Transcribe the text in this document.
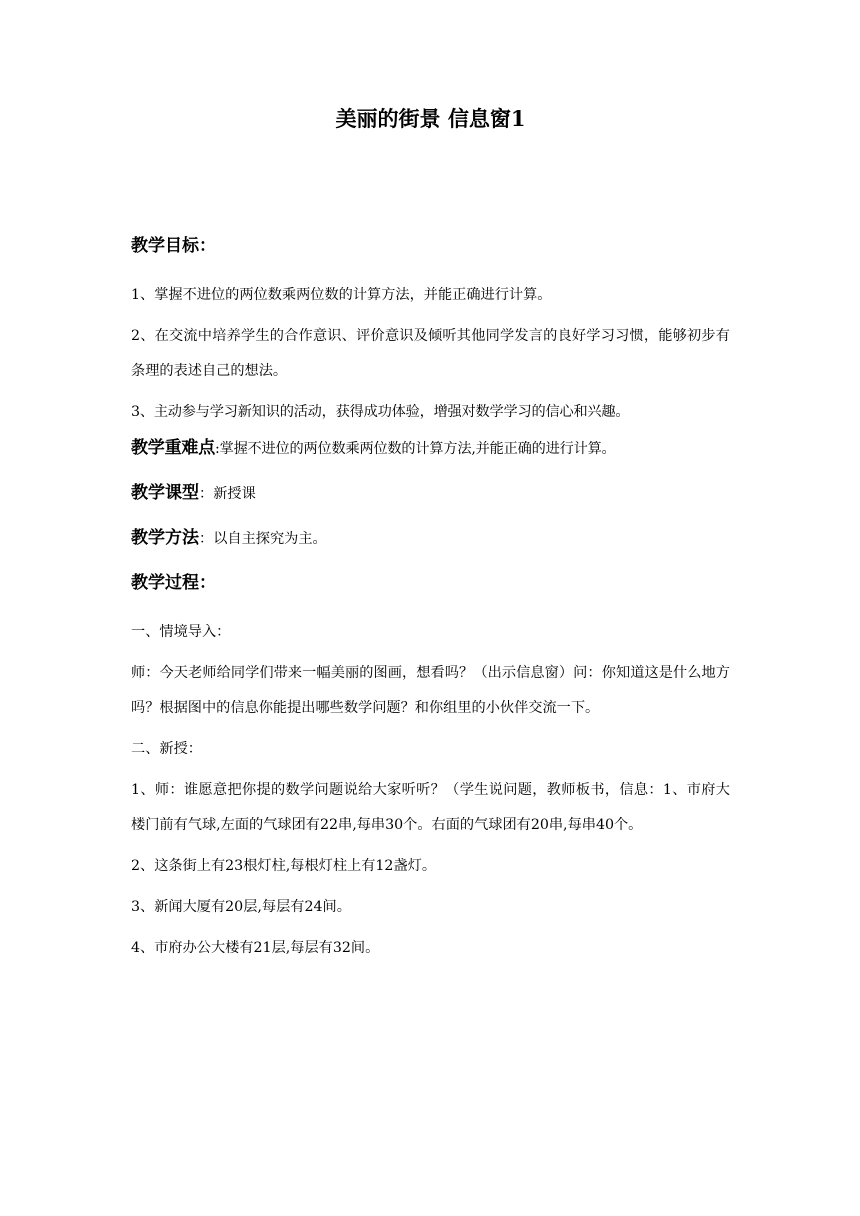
美丽的街景 信息窗1
教学目标：

1、掌握不进位的两位数乘两位数的计算方法，并能正确进行计算。

2、在交流中培养学生的合作意识、评价意识及倾听其他同学发言的良好学习习惯，能够初步有条理的表述自己的想法。

3、主动参与学习新知识的活动，获得成功体验，增强对数学学习的信心和兴趣。

教学重难点:掌握不进位的两位数乘两位数的计算方法,并能正确的进行计算。

教学课型：新授课

教学方法：以自主探究为主。

教学过程：

一、情境导入：

师：今天老师给同学们带来一幅美丽的图画，想看吗？（出示信息窗）问：你知道这是什么地方吗？根据图中的信息你能提出哪些数学问题？和你组里的小伙伴交流一下。

二、新授：

1、师：谁愿意把你提的数学问题说给大家听听？（学生说问题，教师板书，信息：1、市府大楼门前有气球,左面的气球团有22串,每串30个。右面的气球团有20串,每串40个。

2、这条街上有23根灯柱,每根灯柱上有12盏灯。

3、新闻大厦有20层,每层有24间。

4、市府办公大楼有21层,每层有32间。
